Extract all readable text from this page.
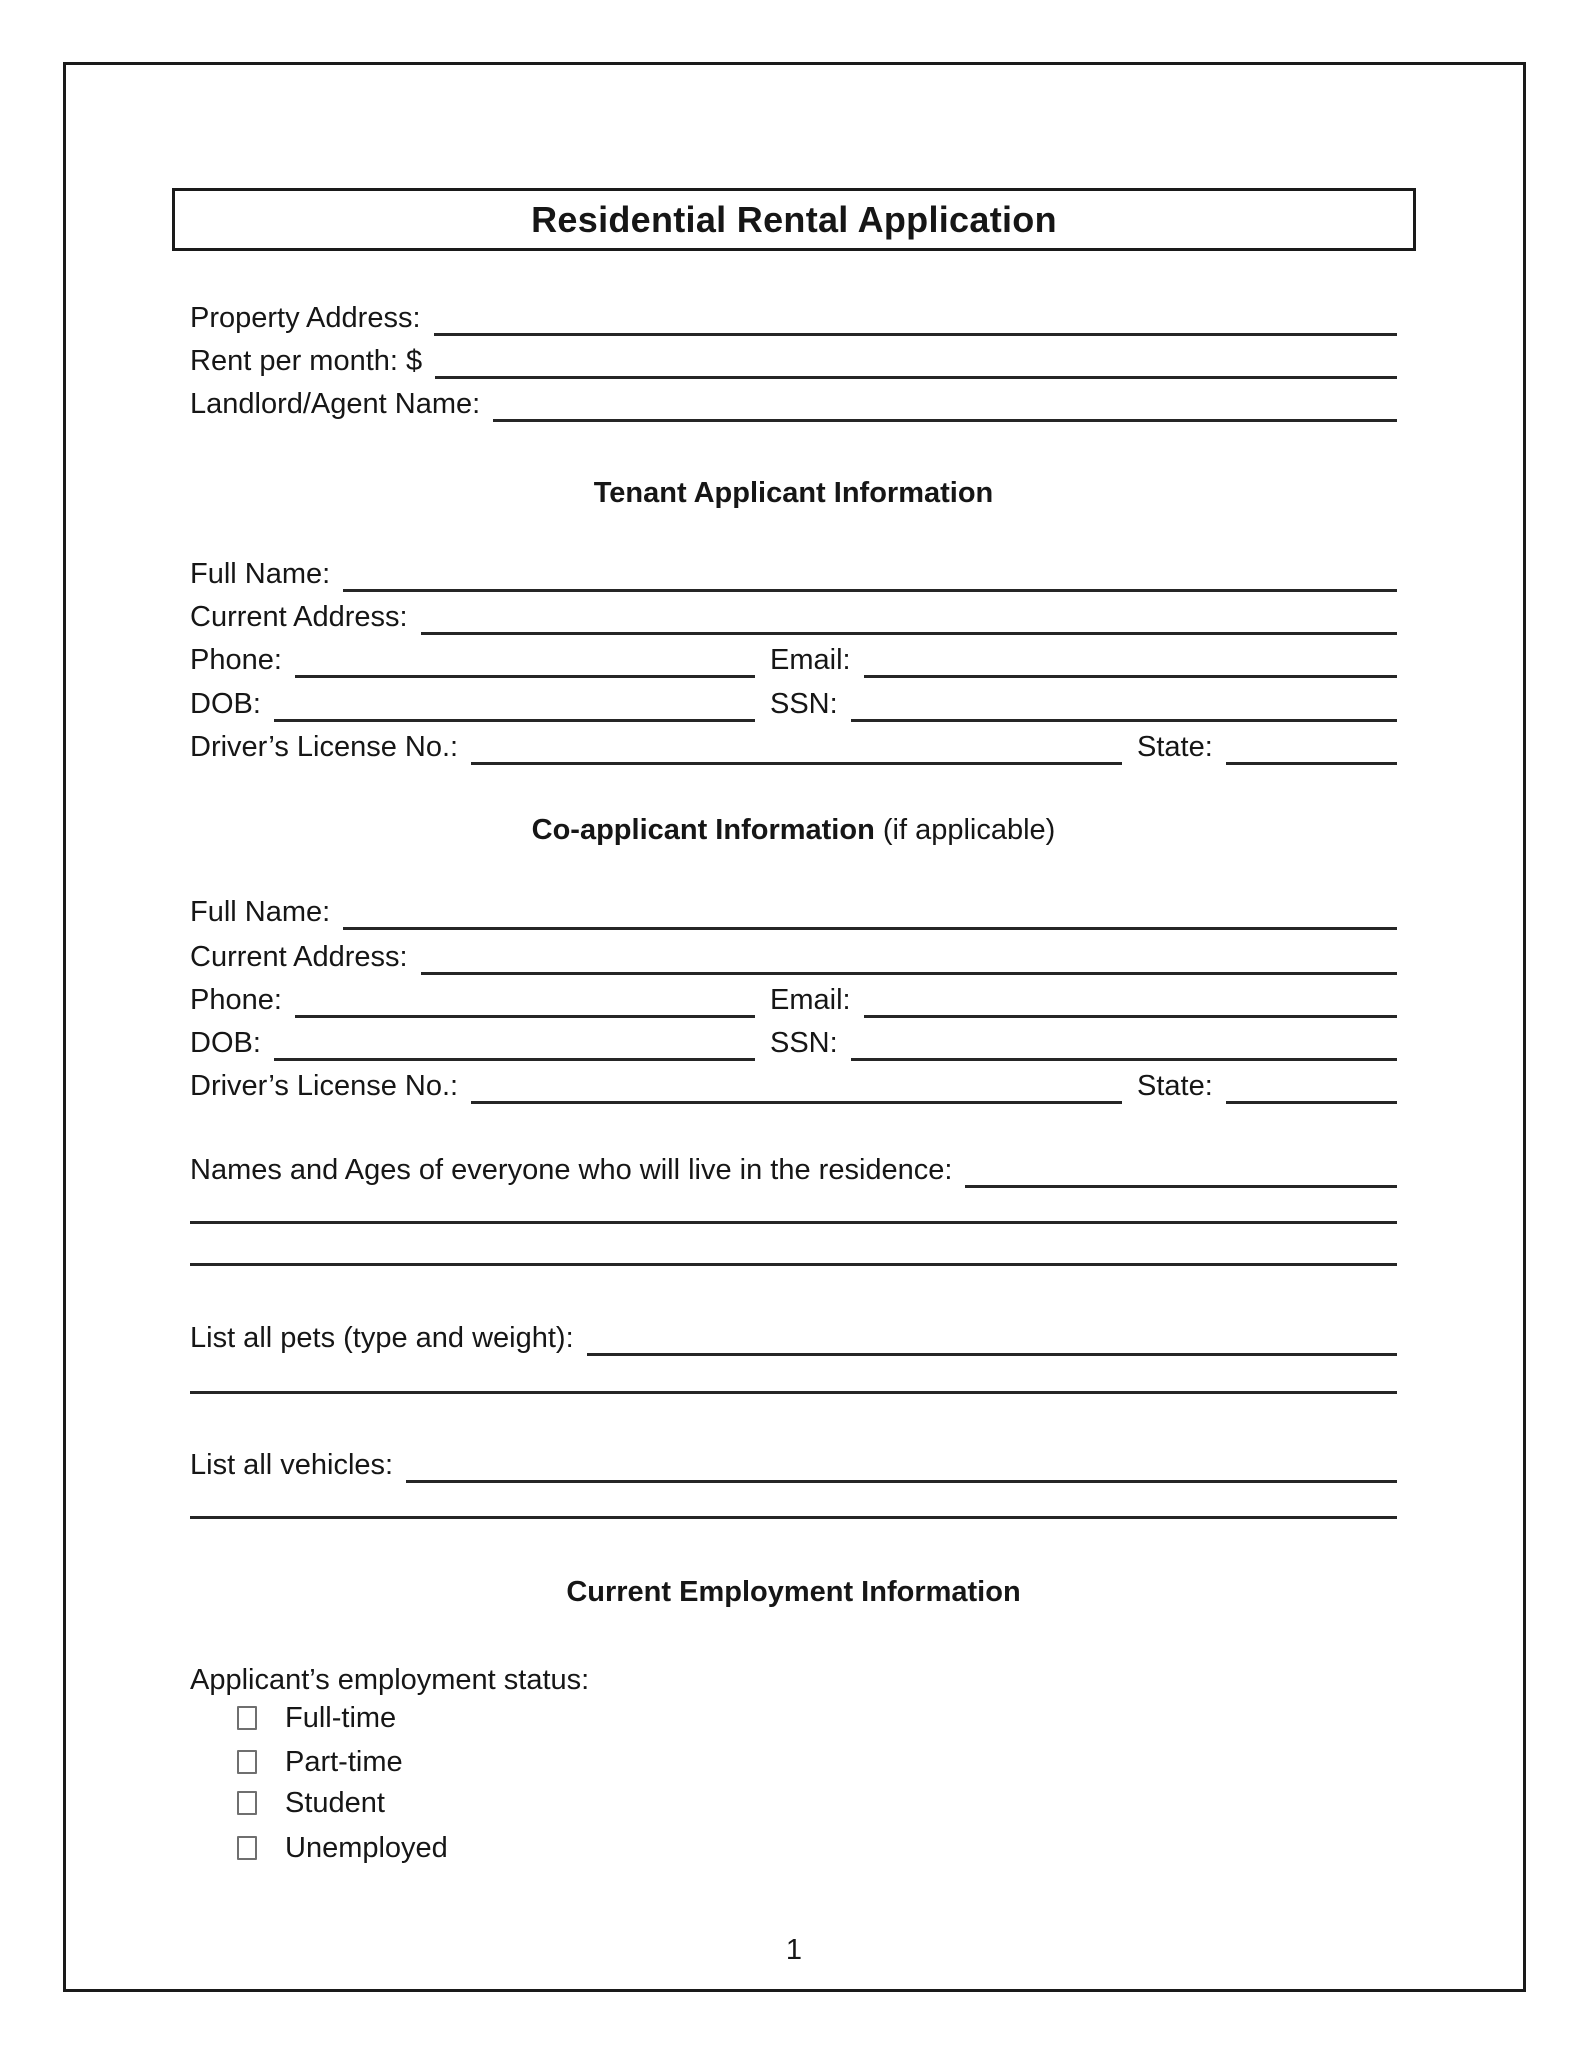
Residential Rental Application
Property Address:
Rent per month: $
Landlord/Agent Name:
Tenant Applicant Information
Full Name:
Current Address:
Phone:	Email:
DOB:	SSN:
Driver’s License No.:	State:
Co-applicant Information (if applicable)
Full Name:
Current Address:
Phone:	Email:
DOB:	SSN:
Driver’s License No.:	State:
Names and Ages of everyone who will live in the residence:
List all pets (type and weight):
List all vehicles:
Current Employment Information
Applicant’s employment status:
Full-time
Part-time
Student
Unemployed
1
